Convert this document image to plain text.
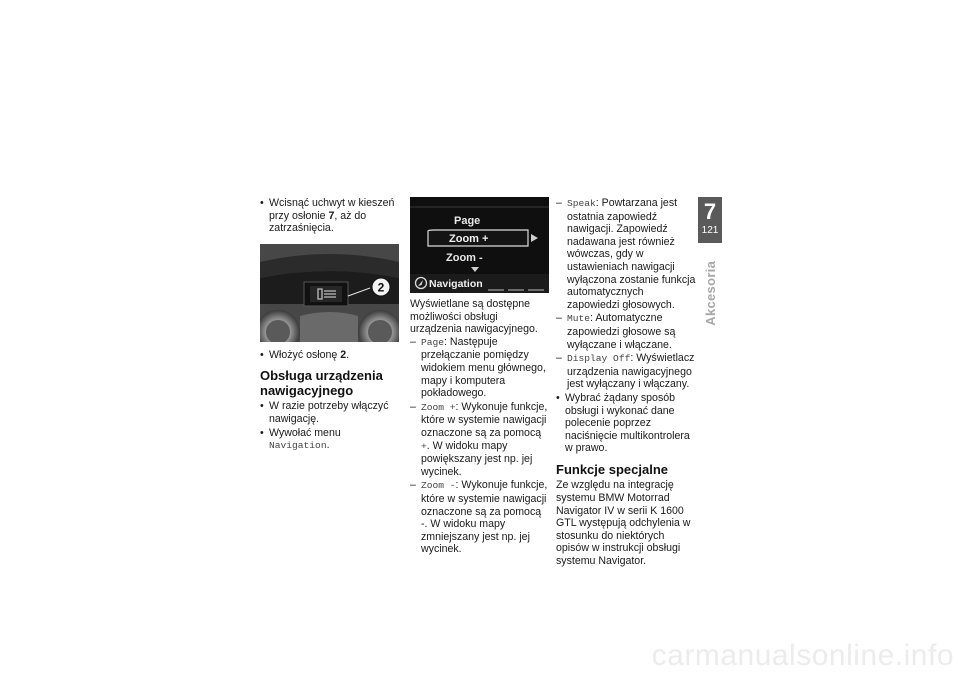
• Wcisnąć uchwyt w kieszeń przy osłonie 7, aż do zatrzaśnięcia.
2
• Włożyć osłonę 2.
Obsługa urządzenia nawigacyjnego
• W razie potrzeby włączyć nawigację.
• Wywołać menu Navigation.
Page
Zoom +
Zoom -
Navigation

Wyświetlane są dostępne możliwości obsługi urządzenia nawigacyjnego.

– Page: Następuje przełączanie pomiędzy widokiem menu głównego, mapy i komputera pokładowego.
– Zoom +: Wykonuje funkcje, które w systemie nawigacji oznaczone są za pomocą +. W widoku mapy powiększany jest np. jej wycinek.
– Zoom -: Wykonuje funkcje, które w systemie nawigacji oznaczone są za pomocą -. W widoku mapy zmniejszany jest np. jej wycinek.
– Speak: Powtarzana jest ostatnia zapowiedź nawigacji. Zapowiedź nadawana jest również wówczas, gdy w ustawieniach nawigacji wyłączona zostanie funkcja automatycznych zapowiedzi głosowych.
– Mute: Automatyczne zapowiedzi głosowe są wyłączane i włączane.
– Display Off: Wyświetlacz urządzenia nawigacyjnego jest wyłączany i włączany.
• Wybrać żądany sposób obsługi i wykonać dane polecenie poprzez naciśnięcie multikontrolera w prawo.
Funkcje specjalne

Ze względu na integrację systemu BMW Motorrad Navigator IV w serii K 1600 GTL występują odchylenia w stosunku do niektórych opisów w instrukcji obsługi systemu Navigator.

7
121
Akcesoria
carmanualsonline.info
